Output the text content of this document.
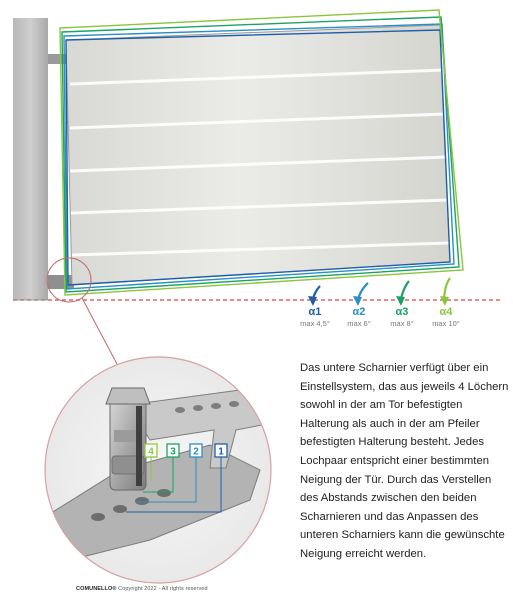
4 3 2 1
α1
max 4,5°
α2
max 6°
α3
max 8°
α4
max 10°

Das untere Scharnier verfügt über ein Einstellsystem, das aus jeweils 4 Löchern sowohl in der am Tor befestigten Halterung als auch in der am Pfeiler befestigten Halterung besteht. Jedes Lochpaar entspricht einer bestimmten Neigung der Tür. Durch das Verstellen des Abstands zwischen den beiden Scharnieren und das Anpassen des unteren Scharniers kann die gewünschte Neigung erreicht werden.

COMUNELLO® Copyright 2022 - All rights reserved
